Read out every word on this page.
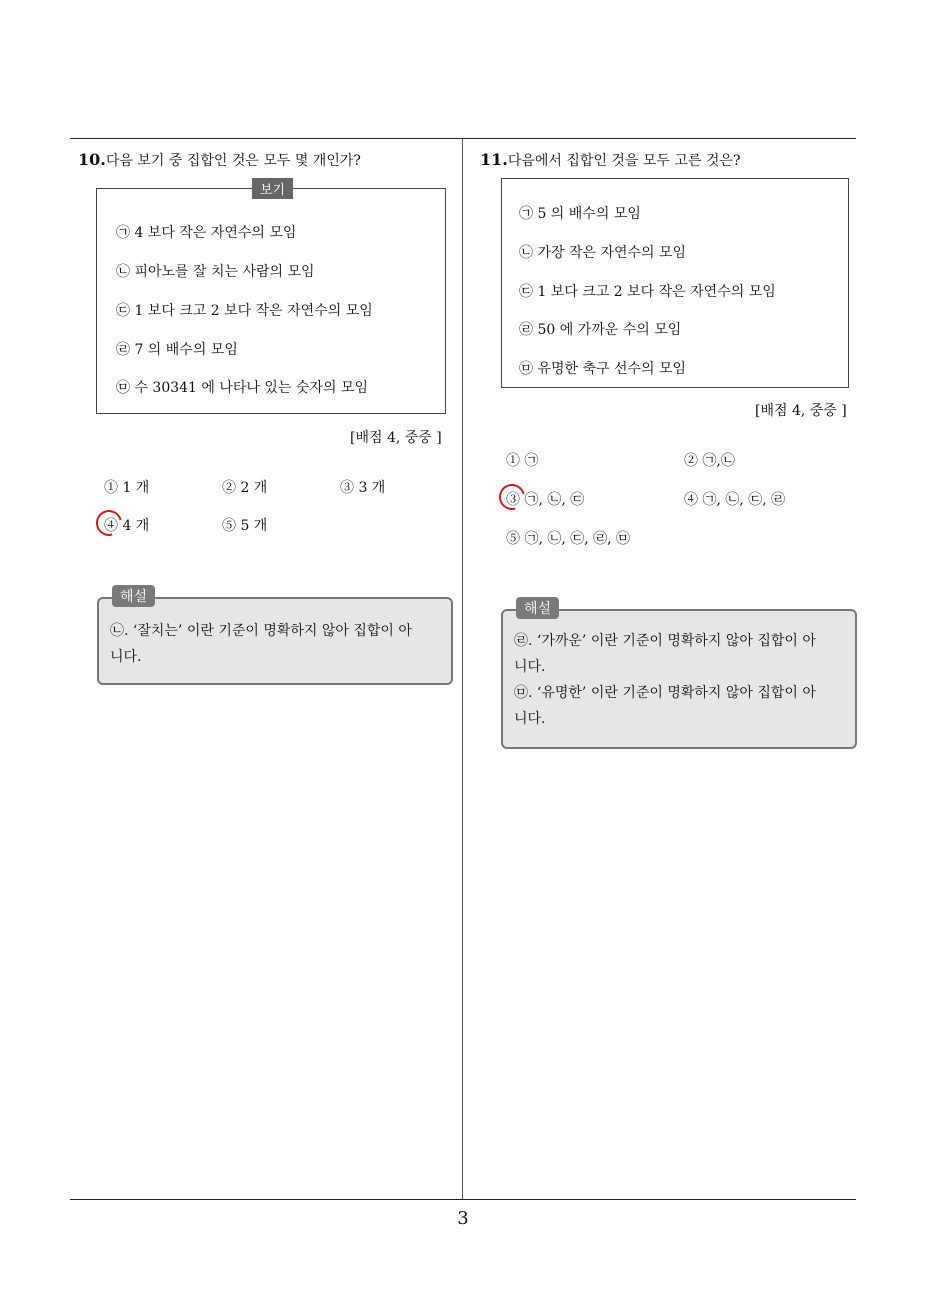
3
10.다음 보기 중 집합인 것은 모두 몇 개인가?
보기
㉠ 4 보다 작은 자연수의 모임
㉡ 피아노를 잘 치는 사람의 모임
㉢ 1 보다 크고 2 보다 작은 자연수의 모임
㉣ 7 의 배수의 모임
㉤ 수 30341 에 나타나 있는 숫자의 모임
[배점 4, 중중 ]
① 1 개	② 2 개	③ 3 개
④ 4 개	⑤ 5 개
해설
㉡. ‘잘치는’ 이란 기준이 명확하지 않아 집합이 아
니다.
11.다음에서 집합인 것을 모두 고른 것은?
㉠ 5 의 배수의 모임
㉡ 가장 작은 자연수의 모임
㉢ 1 보다 크고 2 보다 작은 자연수의 모임
㉣ 50 에 가까운 수의 모임
㉤ 유명한 축구 선수의 모임
[배점 4, 중중 ]
① ㉠	② ㉠,㉡
③ ㉠, ㉡, ㉢	④ ㉠, ㉡, ㉢, ㉣
⑤ ㉠, ㉡, ㉢, ㉣, ㉤
해설
㉣. ‘가까운’ 이란 기준이 명확하지 않아 집합이 아
니다.
㉤. ‘유명한’ 이란 기준이 명확하지 않아 집합이 아
니다.
